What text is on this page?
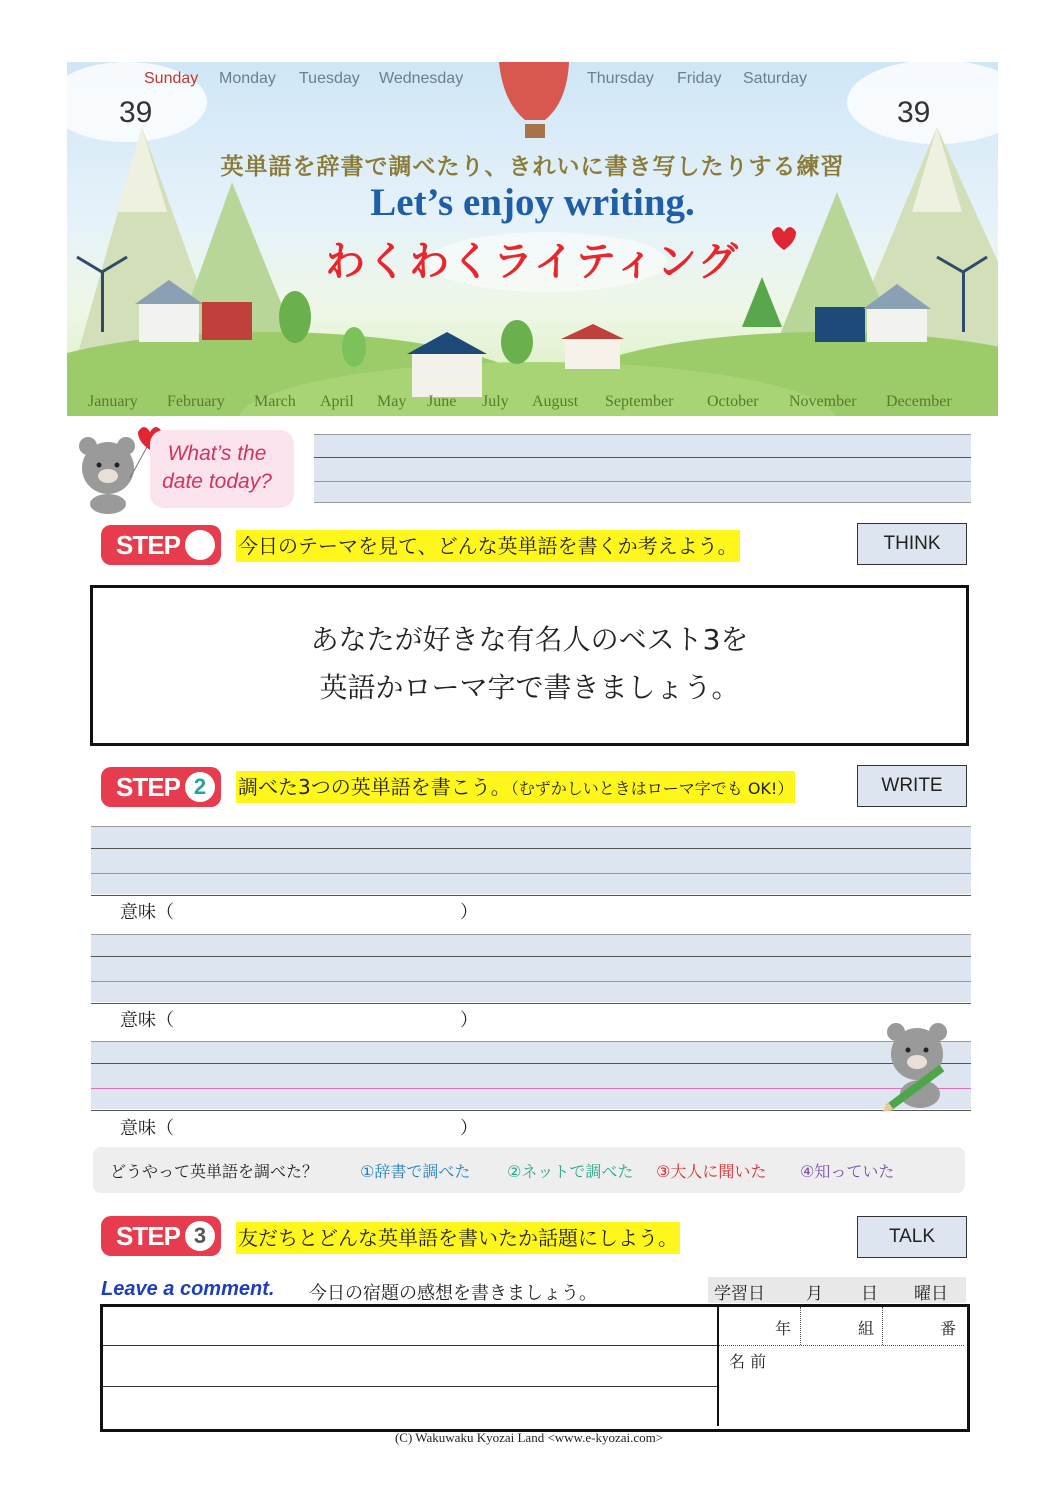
Sunday Monday Tuesday Wednesday	Thursday Friday Saturday
39	39
英単語を辞書で調べたり、きれいに書き写したりする練習
Let’s enjoy writing.
わくわくライティング
January February March April May June July August September October November December
What’s the
date today?
STEP 1	今日のテーマを見て、どんな英単語を書くか考えよう。	THINK
あなたが好きな有名人のベスト3を
英語かローマ字で書きましょう。
STEP 2	調べた3つの英単語を書こう。（むずかしいときはローマ字でも OK!）	WRITE
意味（	）
意味（	）
意味（	）
どうやって英単語を調べた？	①辞書で調べた ②ネットで調べた ③大人に聞いた ④知っていた
STEP 3	友だちとどんな英単語を書いたか話題にしよう。	TALK
Leave a comment. 今日の宿題の感想を書きましょう。	学習日 月 日 曜日
年	組	番
名 前
(C) Wakuwaku Kyozai Land <www.e-kyozai.com>
